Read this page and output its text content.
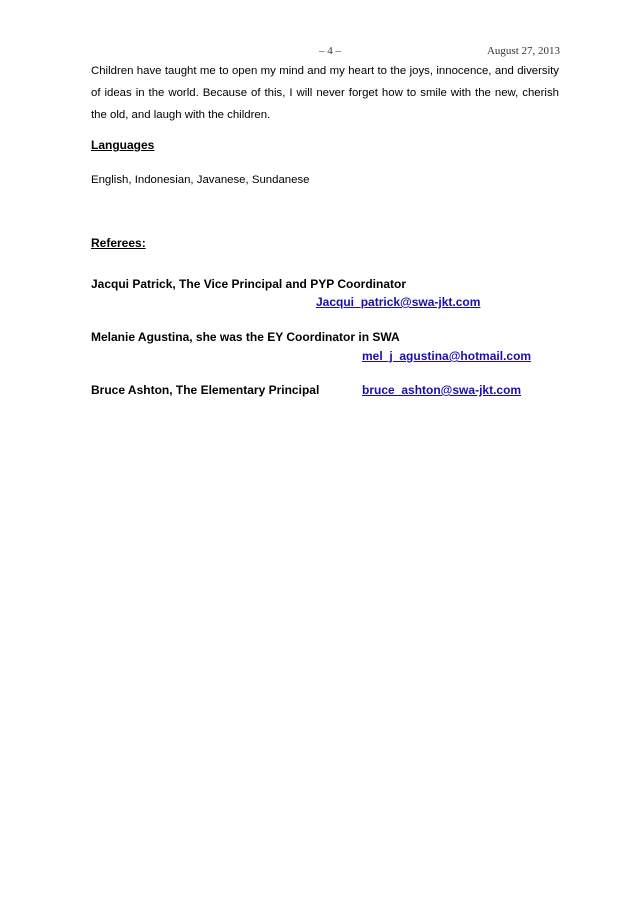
– 4 –	August 27, 2013

Children have taught me to open my mind and my heart to the joys, innocence, and diversity of ideas in the world. Because of this, I will never forget how to smile with the new, cherish the old, and laugh with the children.

Languages

English, Indonesian, Javanese, Sundanese

Referees:

Jacqui Patrick, The Vice Principal and PYP Coordinator

Jacqui_patrick@swa-jkt.com

Melanie Agustina, she was the EY Coordinator in SWA

mel_j_agustina@hotmail.com

Bruce Ashton, The Elementary Principal	bruce_ashton@swa-jkt.com
